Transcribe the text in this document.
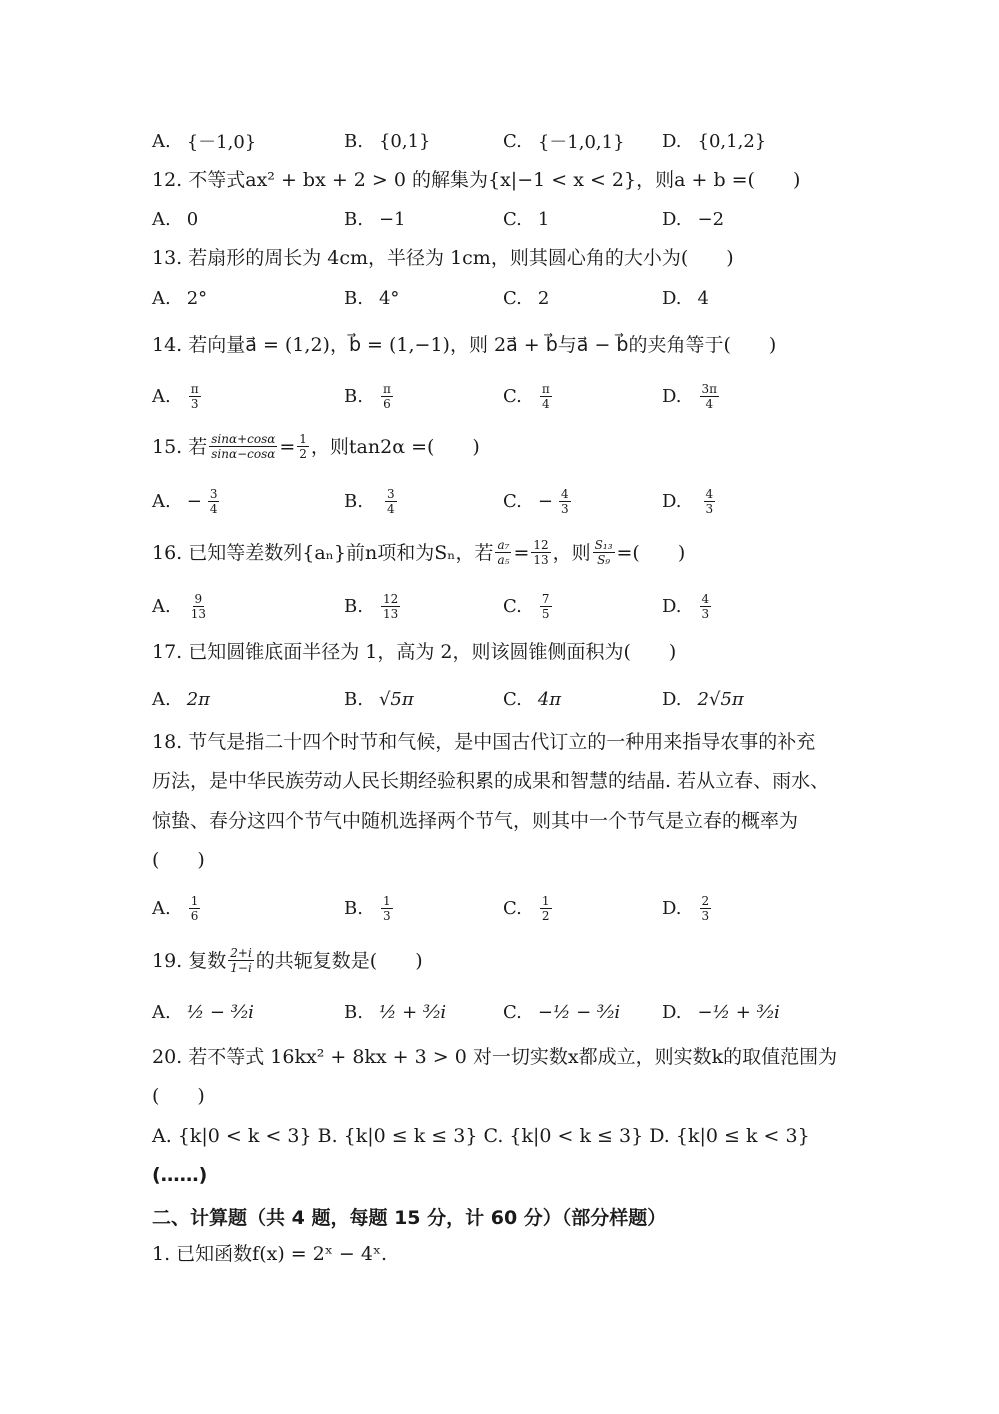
A. {－1,0}	B. {0,1}	C. {－1,0,1} D. {0,1,2}
12. 不等式ax² + bx + 2 > 0 的解集为{x|−1 < x < 2}，则a + b =(　　)
A. 0	B. −1	C. 1	D. −2
13. 若扇形的周长为 4cm，半径为 1cm，则其圆心角的大小为(　　)
A. 2°	B. 4°	C. 2	D. 4
14. 若向量a⃗ = (1,2)，b⃗ = (1,−1)，则 2a⃗ + b⃗与a⃗ − b⃗的夹角等于(　　)
A. $\frac{\pi}{3}$	B. $\frac{\pi}{6}$	C. $\frac{\pi}{4}$	D. $\frac{3\pi}{4}$
15. 若 $\frac{\sin\alpha+\cos\alpha}{\sin\alpha-\cos\alpha} = \frac{1}{2}$ ，则tan2α =(　　)
A. − $\frac{3}{4}$	B. $\frac{3}{4}$	C. − $\frac{4}{3}$	D. $\frac{4}{3}$
16. 已知等差数列{aₙ}前n项和为Sₙ，若 $\frac{\text{a₇}}{\text{a₅}} = \frac{12}{13}$ ，则 $\frac{\text{S₁₃}}{\text{S₉}}$ =(　　)
A. $\frac{9}{13}$	B. $\frac{12}{13}$	C. $\frac{7}{5}$	D. $\frac{4}{3}$
17. 已知圆锥底面半径为 1，高为 2，则该圆锥侧面积为(　　)
A. 2π	B. √5π	C. 4π	D. 2√5π
18. 节气是指二十四个时节和气候，是中国古代订立的一种用来指导农事的补充
历法，是中华民族劳动人民长期经验积累的成果和智慧的结晶. 若从立春、雨水、
惊蛰、春分这四个节气中随机选择两个节气，则其中一个节气是立春的概率为
(　　)
A. $\frac{1}{6}$	B. $\frac{1}{3}$	C. $\frac{1}{2}$	D. $\frac{2}{3}$
19. 复数 $\frac{2+i}{1-i}$ 的共轭复数是(　　)
A. ½ − ³⁄₂i	B. ½ + ³⁄₂i	C. −½ − ³⁄₂i D. −½ + ³⁄₂i
20. 若不等式 16kx² + 8kx + 3 > 0 对一切实数x都成立，则实数k的取值范围为
(　　)
A. {k|0 < k < 3} B. {k|0 ≤ k ≤ 3} C. {k|0 < k ≤ 3} D. {k|0 ≤ k < 3}
(……)
二、计算题（共 4 题，每题 15 分，计 60 分）（部分样题）
1. 已知函数f(x) = 2ˣ − 4ˣ.
